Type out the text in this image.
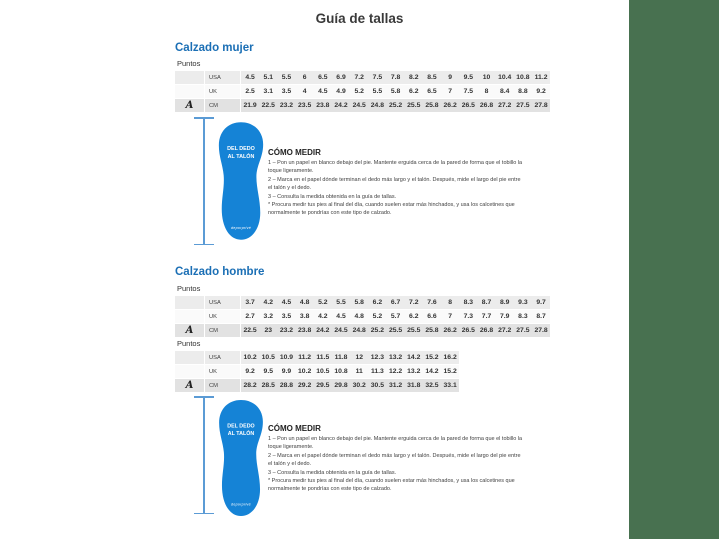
Guía de tallas
Calzado mujer
Puntos
USA	4.5	5.1	5.5	6	6.5	6.9	7.2	7.5	7.8	8.2	8.5	9	9.5	10	10.4 10.8 11.2
UK	2.5	3.1	3.5	4	4.5	4.9	5.2	5.5	5.8	6.2	6.5	7	7.5	8	8.4	8.8	9.2
A	CM	21.9 22.5 23.2 23.5 23.8 24.2 24.5 24.8 25.2 25.5 25.8 26.2 26.5 26.8 27.2 27.5 27.8
DEL DEDO
AL TALÓN
deporprivé
CÓMO MEDIR
1 – Pon un papel en blanco debajo del pie. Mantente erguida cerca de la pared de forma que el tobillo la toque ligeramente.
2 – Marca en el papel dónde terminan el dedo más largo y el talón. Después, mide el largo del pie entre el talón y el dedo.
3 – Consulta la medida obtenida en la guía de tallas.
* Procura medir tus pies al final del día, cuando suelen estar más hinchados, y usa los calcetines que normalmente te pondrías con este tipo de calzado.
Calzado hombre
Puntos
USA	3.7	4.2	4.5	4.8	5.2	5.5	5.8	6.2	6.7	7.2	7.6	8	8.3	8.7	8.9	9.3	9.7
UK	2.7	3.2	3.5	3.8	4.2	4.5	4.8	5.2	5.7	6.2	6.6	7	7.3	7.7	7.9	8.3	8.7
A	CM	22.5	23	23.2 23.8 24.2 24.5 24.8 25.2 25.5 25.5 25.8 26.2 26.5 26.8 27.2 27.5 27.8
Puntos
USA	10.2 10.5 10.9 11.2 11.5 11.8	12	12.3 13.2 14.2 15.2 16.2
UK	9.2	9.5	9.9	10.2 10.5 10.8	11	11.3 12.2 13.2 14.2 15.2
A	CM	28.2 28.5 28.8 29.2 29.5 29.8 30.2 30.5 31.2 31.8 32.5 33.1
DEL DEDO
AL TALÓN
deporprivé
CÓMO MEDIR
1 – Pon un papel en blanco debajo del pie. Mantente erguida cerca de la pared de forma que el tobillo la toque ligeramente.
2 – Marca en el papel dónde terminan el dedo más largo y el talón. Después, mide el largo del pie entre el talón y el dedo.
3 – Consulta la medida obtenida en la guía de tallas.
* Procura medir tus pies al final del día, cuando suelen estar más hinchados, y usa los calcetines que normalmente te pondrías con este tipo de calzado.
